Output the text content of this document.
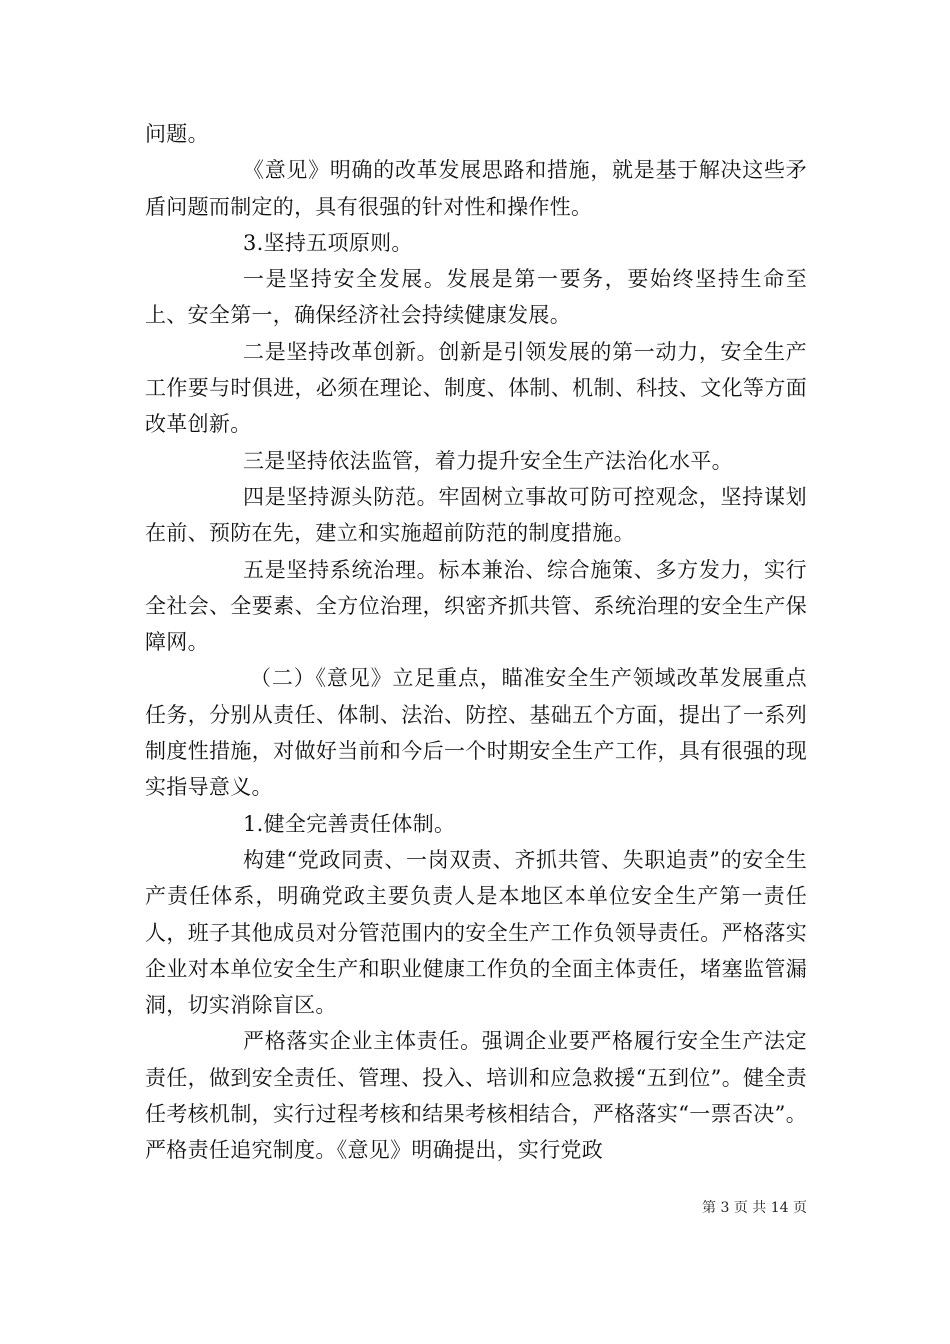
问题。

《意见》明确的改革发展思路和措施，就是基于解决这些矛盾问题而制定的，具有很强的针对性和操作性。

3.坚持五项原则。

一是坚持安全发展。发展是第一要务，要始终坚持生命至上、安全第一，确保经济社会持续健康发展。

二是坚持改革创新。创新是引领发展的第一动力，安全生产工作要与时俱进，必须在理论、制度、体制、机制、科技、文化等方面改革创新。

三是坚持依法监管，着力提升安全生产法治化水平。

四是坚持源头防范。牢固树立事故可防可控观念，坚持谋划在前、预防在先，建立和实施超前防范的制度措施。

五是坚持系统治理。标本兼治、综合施策、多方发力，实行全社会、全要素、全方位治理，织密齐抓共管、系统治理的安全生产保障网。

（二）《意见》立足重点，瞄准安全生产领域改革发展重点任务，分别从责任、体制、法治、防控、基础五个方面，提出了一系列制度性措施，对做好当前和今后一个时期安全生产工作，具有很强的现实指导意义。

1.健全完善责任体制。

构建“党政同责、一岗双责、齐抓共管、失职追责”的安全生产责任体系，明确党政主要负责人是本地区本单位安全生产第一责任人，班子其他成员对分管范围内的安全生产工作负领导责任。严格落实企业对本单位安全生产和职业健康工作负的全面主体责任，堵塞监管漏洞，切实消除盲区。

严格落实企业主体责任。强调企业要严格履行安全生产法定责任，做到安全责任、管理、投入、培训和应急救援“五到位”。健全责任考核机制，实行过程考核和结果考核相结合，严格落实“一票否决”。严格责任追究制度。《意见》明确提出，实行党政

第 3 页 共 14 页
